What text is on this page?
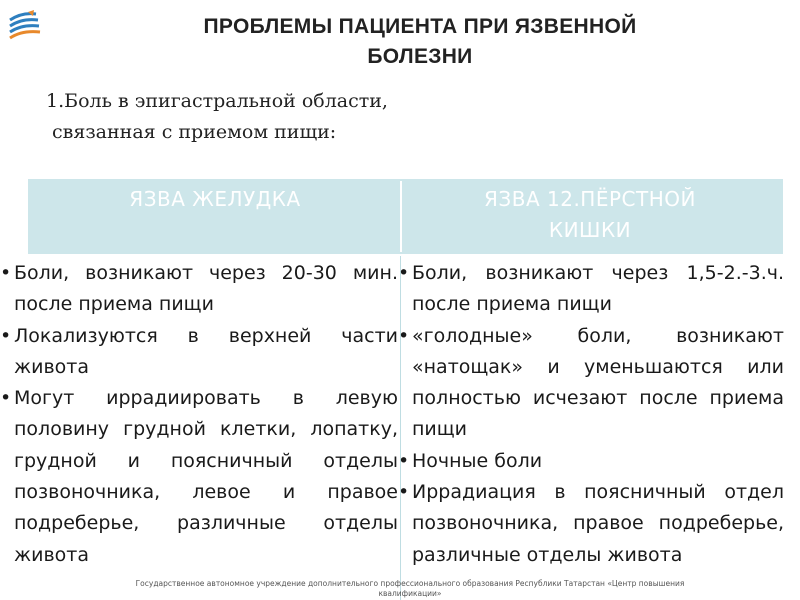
ПРОБЛЕМЫ ПАЦИЕНТА ПРИ ЯЗВЕННОЙ
БОЛЕЗНИ
1.Боль в эпигастральной области,
связанная с приемом пищи:
ЯЗВА ЖЕЛУДКА	ЯЗВА 12.ПЁРСТНОЙ
КИШКИ
• Боли, возникают через 20-30 мин. после приема пищи
• Локализуются в верхней части живота
• Могут иррадиировать в левую половину грудной клетки, лопатку, грудной и поясничный отделы позвоночника, левое и правое подреберье, различные отделы живота
• Боли, возникают через 1,5-2.-3.ч. после приема пищи
• «голодные» боли, возникают «натощак» и уменьшаются или полностью исчезают после приема пищи
• Ночные боли
• Иррадиация в поясничный отдел позвоночника, правое подреберье, различные отделы живота
Государственное автономное учреждение дополнительного профессионального образования Республики Татарстан «Центр повышения
квалификации»
